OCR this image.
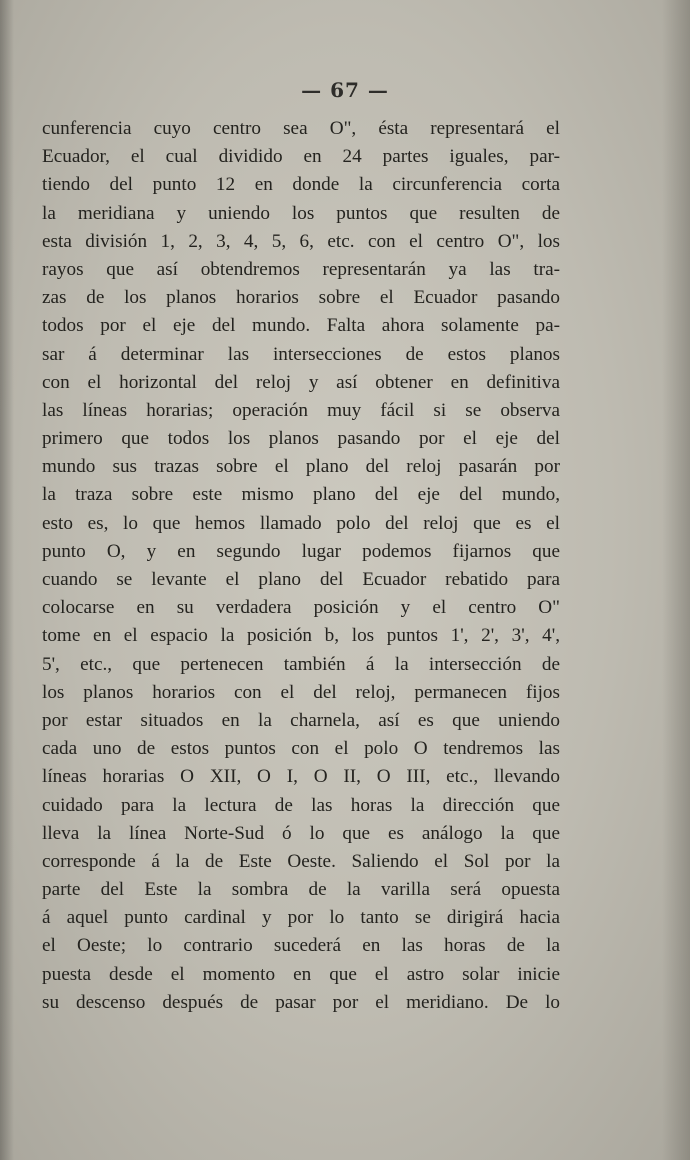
— 67 —
cunferencia cuyo centro sea O", ésta representará el
Ecuador, el cual dividido en 24 partes iguales, par-
tiendo del punto 12 en donde la circunferencia corta
la meridiana y uniendo los puntos que resulten de
esta división 1, 2, 3, 4, 5, 6, etc. con el centro O", los
rayos que así obtendremos representarán ya las tra-
zas de los planos horarios sobre el Ecuador pasando
todos por el eje del mundo. Falta ahora solamente pa-
sar á determinar las intersecciones de estos planos
con el horizontal del reloj y así obtener en definitiva
las líneas horarias; operación muy fácil si se observa
primero que todos los planos pasando por el eje del
mundo sus trazas sobre el plano del reloj pasarán por
la traza sobre este mismo plano del eje del mundo,
esto es, lo que hemos llamado polo del reloj que es el
punto O, y en segundo lugar podemos fijarnos que
cuando se levante el plano del Ecuador rebatido para
colocarse en su verdadera posición y el centro O"
tome en el espacio la posición b, los puntos 1', 2', 3', 4',
5', etc., que pertenecen también á la intersección de
los planos horarios con el del reloj, permanecen fijos
por estar situados en la charnela, así es que uniendo
cada uno de estos puntos con el polo O tendremos las
líneas horarias O XII, O I, O II, O III, etc., llevando
cuidado para la lectura de las horas la dirección que
lleva la línea Norte-Sud ó lo que es análogo la que
corresponde á la de Este Oeste. Saliendo el Sol por la
parte del Este la sombra de la varilla será opuesta
á aquel punto cardinal y por lo tanto se dirigirá hacia
el Oeste; lo contrario sucederá en las horas de la
puesta desde el momento en que el astro solar inicie
su descenso después de pasar por el meridiano. De lo
